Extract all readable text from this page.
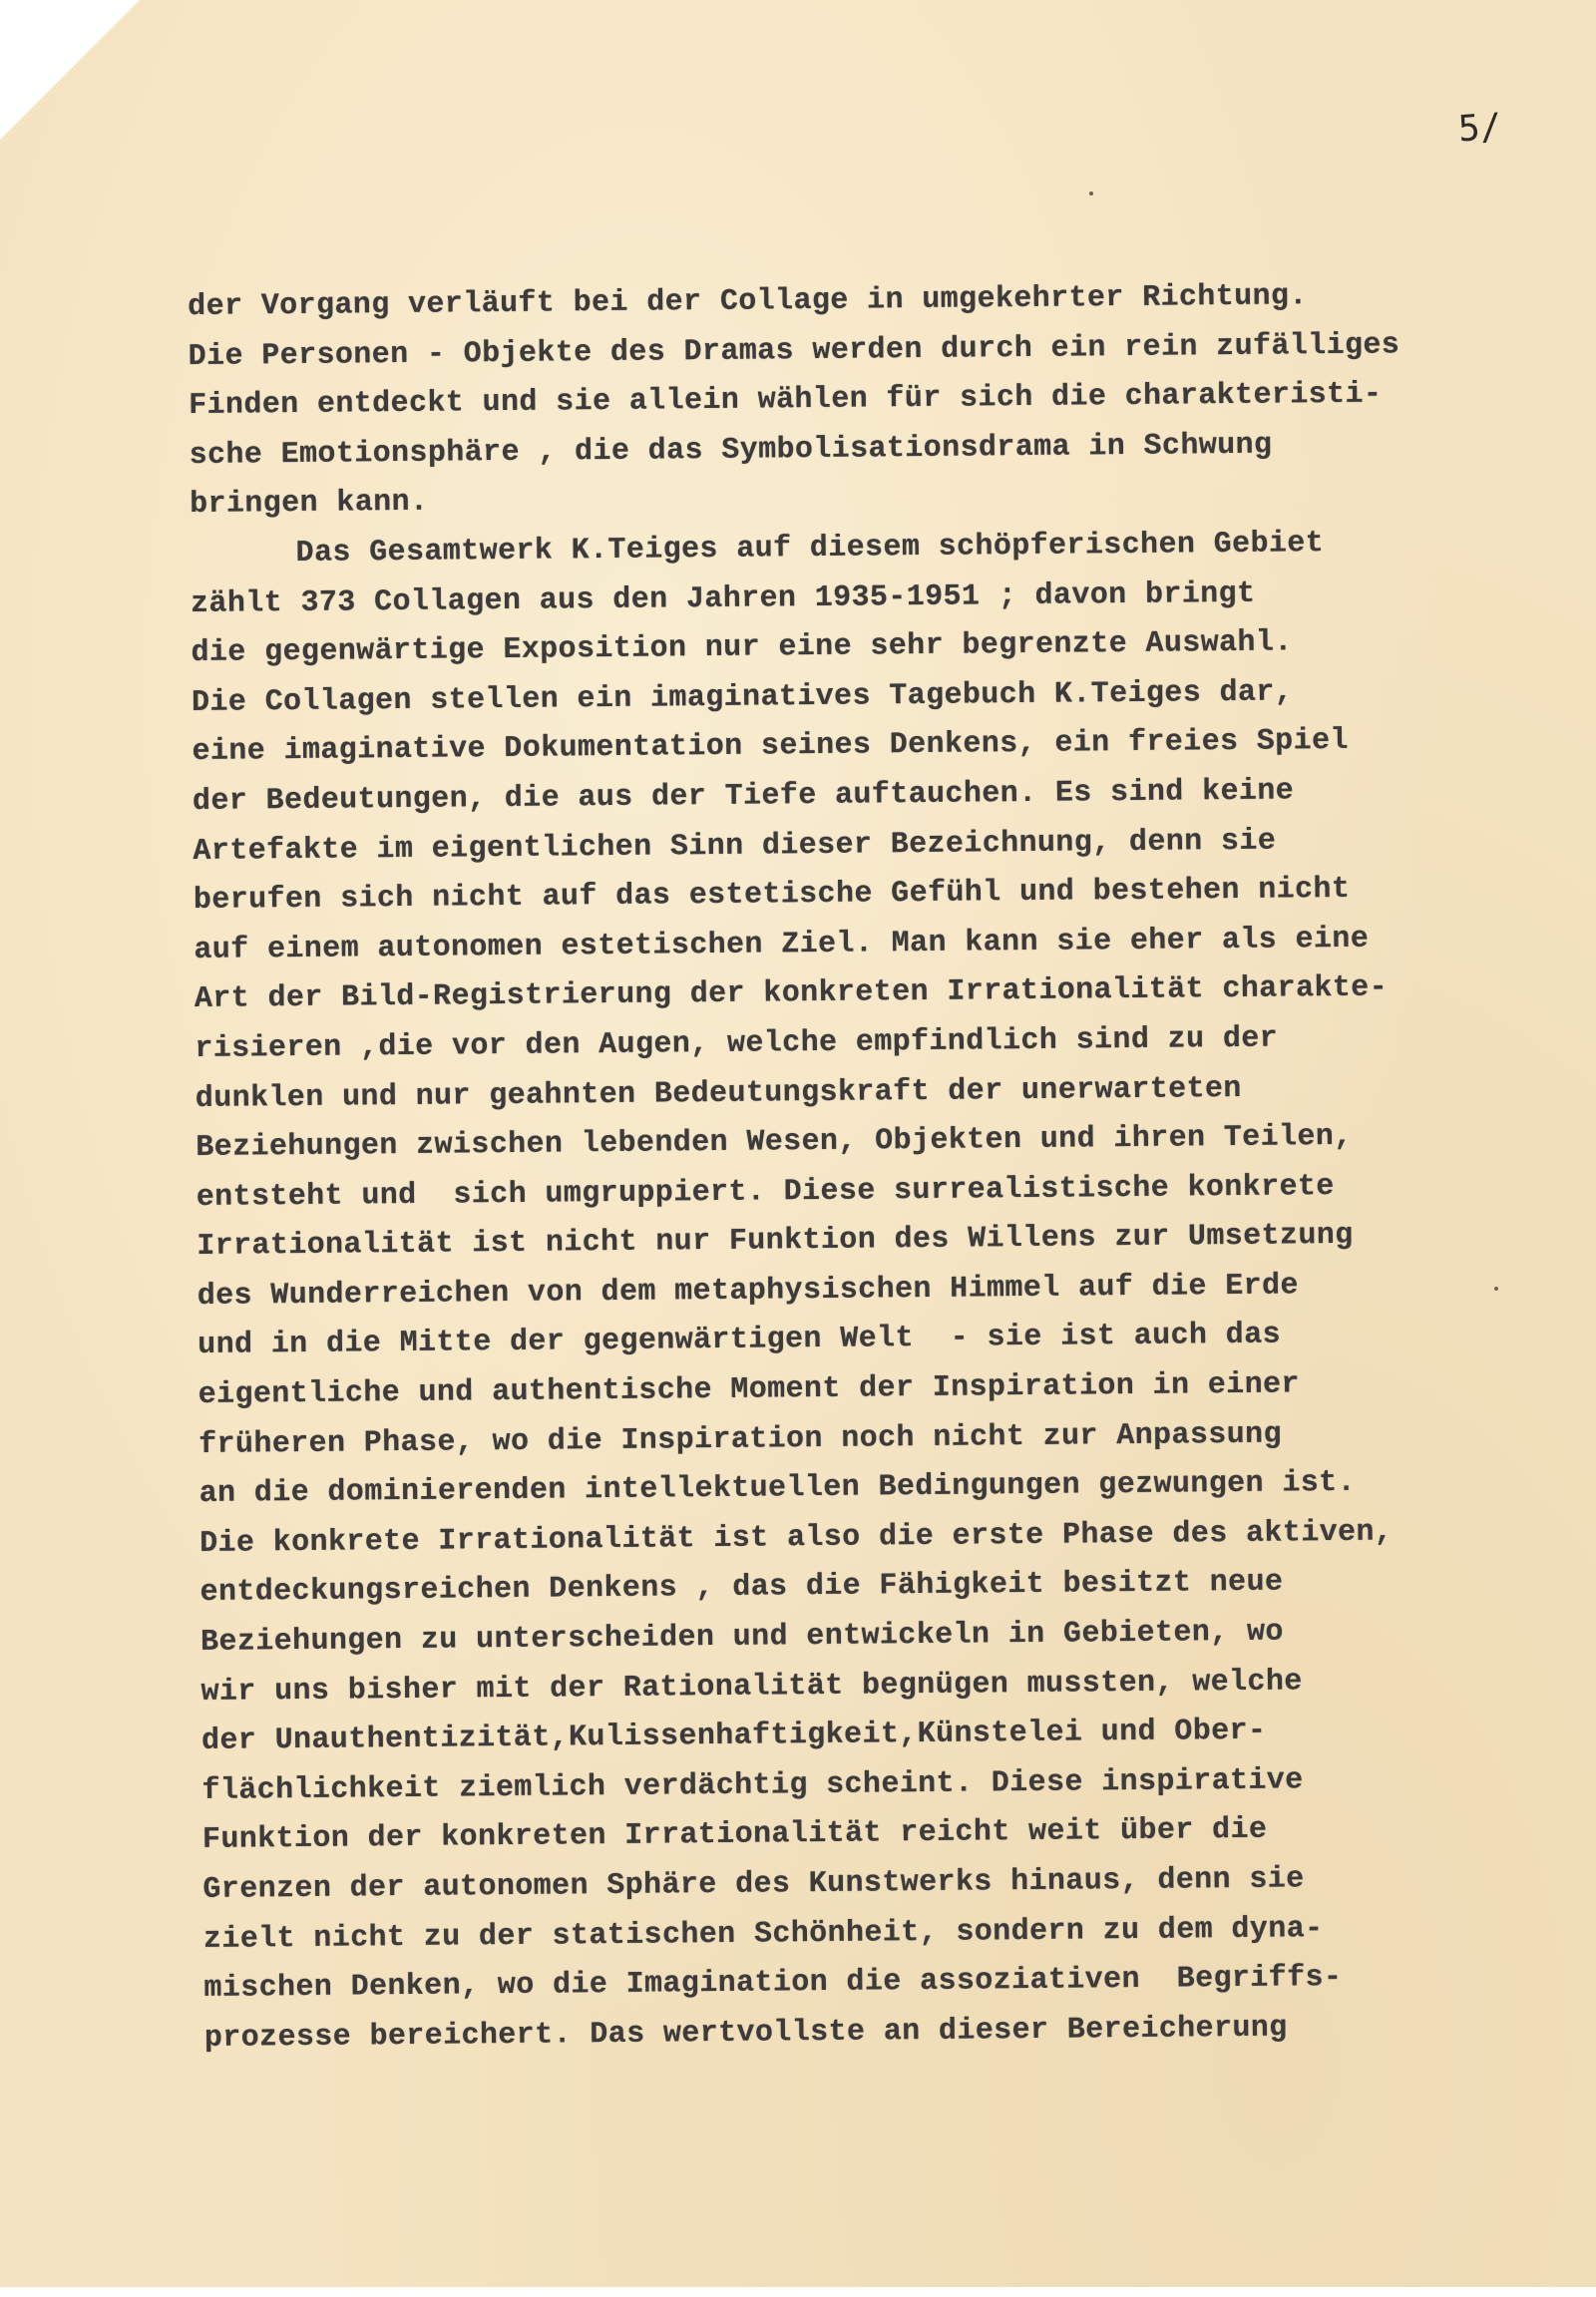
5/
der Vorgang verläuft bei der Collage in umgekehrter Richtung.
Die Personen - Objekte des Dramas werden durch ein rein zufälliges
Finden entdeckt und sie allein wählen für sich die charakteristi-
sche Emotionsphäre , die das Symbolisationsdrama in Schwung
bringen kann.
Das Gesamtwerk K.Teiges auf diesem schöpferischen Gebiet
zählt 373 Collagen aus den Jahren 1935-1951 ; davon bringt
die gegenwärtige Exposition nur eine sehr begrenzte Auswahl.
Die Collagen stellen ein imaginatives Tagebuch K.Teiges dar,
eine imaginative Dokumentation seines Denkens, ein freies Spiel
der Bedeutungen, die aus der Tiefe auftauchen. Es sind keine
Artefakte im eigentlichen Sinn dieser Bezeichnung, denn sie
berufen sich nicht auf das estetische Gefühl und bestehen nicht
auf einem autonomen estetischen Ziel. Man kann sie eher als eine
Art der Bild-Registrierung der konkreten Irrationalität charakte-
risieren ,die vor den Augen, welche empfindlich sind zu der
dunklen und nur geahnten Bedeutungskraft der unerwarteten
Beziehungen zwischen lebenden Wesen, Objekten und ihren Teilen,
entsteht und  sich umgruppiert. Diese surrealistische konkrete
Irrationalität ist nicht nur Funktion des Willens zur Umsetzung
des Wunderreichen von dem metaphysischen Himmel auf die Erde
und in die Mitte der gegenwärtigen Welt  - sie ist auch das
eigentliche und authentische Moment der Inspiration in einer
früheren Phase, wo die Inspiration noch nicht zur Anpassung
an die dominierenden intellektuellen Bedingungen gezwungen ist.
Die konkrete Irrationalität ist also die erste Phase des aktiven,
entdeckungsreichen Denkens , das die Fähigkeit besitzt neue
Beziehungen zu unterscheiden und entwickeln in Gebieten, wo
wir uns bisher mit der Rationalität begnügen mussten, welche
der Unauthentizität,Kulissenhaftigkeit,Künstelei und Ober-
flächlichkeit ziemlich verdächtig scheint. Diese inspirative
Funktion der konkreten Irrationalität reicht weit über die
Grenzen der autonomen Sphäre des Kunstwerks hinaus, denn sie
zielt nicht zu der statischen Schönheit, sondern zu dem dyna-
mischen Denken, wo die Imagination die assoziativen  Begriffs-
prozesse bereichert. Das wertvollste an dieser Bereicherung
